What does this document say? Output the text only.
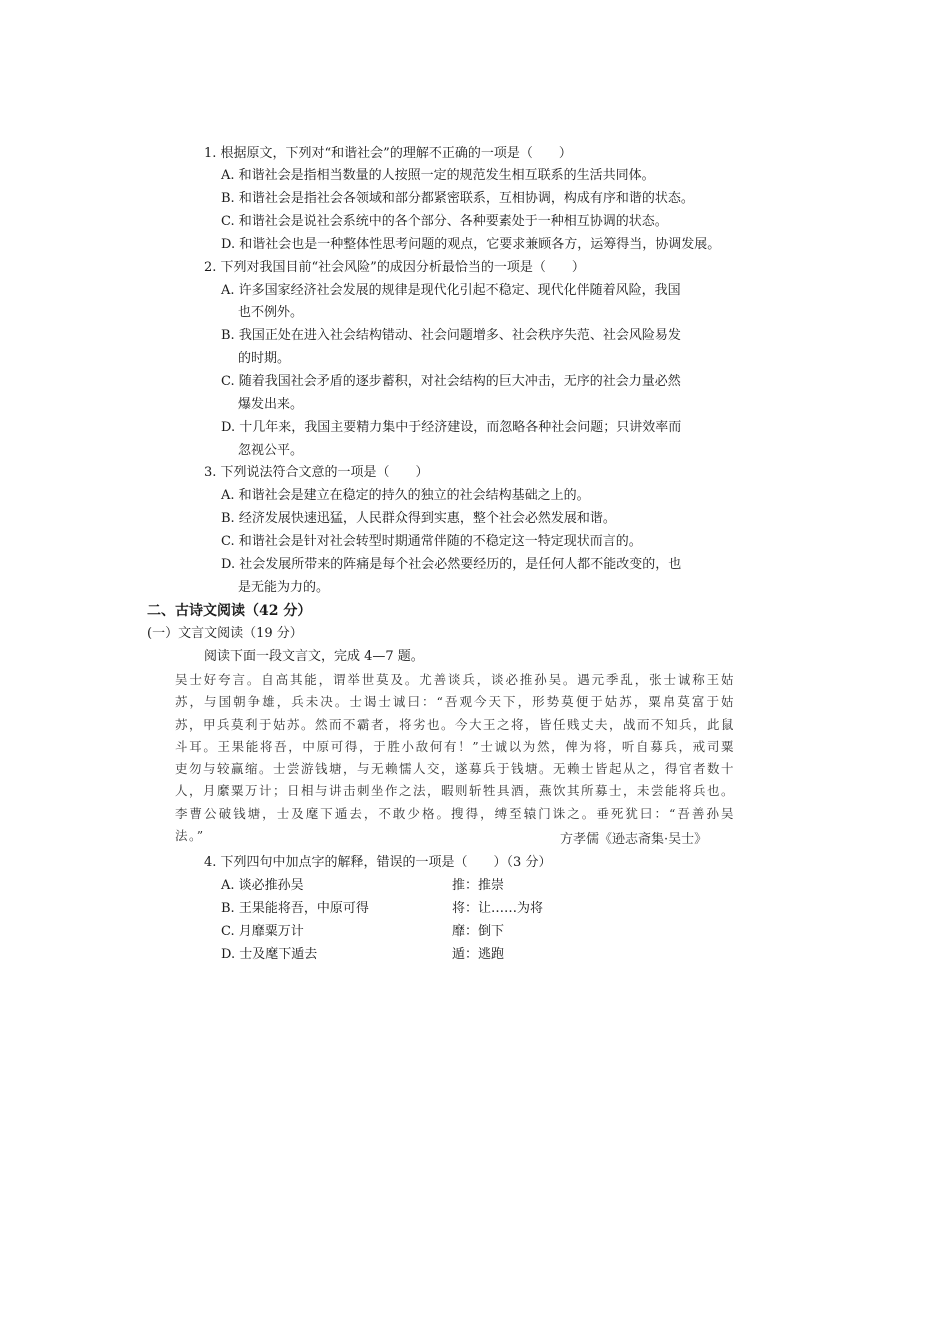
1. 根据原文，下列对“和谐社会”的理解不正确的一项是（　　）
A. 和谐社会是指相当数量的人按照一定的规范发生相互联系的生活共同体。
B. 和谐社会是指社会各领域和部分都紧密联系，互相协调，构成有序和谐的状态。
C. 和谐社会是说社会系统中的各个部分、各种要素处于一种相互协调的状态。
D. 和谐社会也是一种整体性思考问题的观点，它要求兼顾各方，运筹得当，协调发展。
2. 下列对我国目前“社会风险”的成因分析最恰当的一项是（　　）
A. 许多国家经济社会发展的规律是现代化引起不稳定、现代化伴随着风险，我国
也不例外。
B. 我国正处在进入社会结构错动、社会问题增多、社会秩序失范、社会风险易发
的时期。
C. 随着我国社会矛盾的逐步蓄积，对社会结构的巨大冲击，无序的社会力量必然
爆发出来。
D. 十几年来，我国主要精力集中于经济建设，而忽略各种社会问题；只讲效率而
忽视公平。
3. 下列说法符合文意的一项是（　　）
A. 和谐社会是建立在稳定的持久的独立的社会结构基础之上的。
B. 经济发展快速迅猛，人民群众得到实惠，整个社会必然发展和谐。
C. 和谐社会是针对社会转型时期通常伴随的不稳定这一特定现状而言的。
D. 社会发展所带来的阵痛是每个社会必然要经历的，是任何人都不能改变的，也
是无能为力的。
二、古诗文阅读（42 分）
(一）文言文阅读（19 分）
阅读下面一段文言文，完成 4—7 题。
吴士好夸言。自高其能，谓举世莫及。尤善谈兵，谈必推孙吴。遇元季乱，张士诚称王姑苏，与国朝争雄，兵未决。士谒士诚曰：“吾观今天下，形势莫便于姑苏，粟帛莫富于姑苏，甲兵莫利于姑苏。然而不霸者，将劣也。今大王之将，皆任贱丈夫，战而不知兵，此鼠斗耳。王果能将吾，中原可得，于胜小敌何有！”士诚以为然，俾为将，听自募兵，戒司粟吏勿与较赢缩。士尝游钱塘，与无赖懦人交，遂募兵于钱塘。无赖士皆起从之，得官者数十人，月縻粟万计；日相与讲击刺坐作之法，暇则斩牲具酒，燕饮其所募士，未尝能将兵也。李曹公破钱塘，士及麾下遁去，不敢少格。搜得，缚至辕门诛之。垂死犹曰：“吾善孙吴法。”	方孝儒《逊志斋集·吴士》
4. 下列四句中加点字的解释，错误的一项是（　　）（3 分）
A. 谈必推孙吴	推：推崇
B. 王果能将吾，中原可得	将：让……为将
C. 月靡粟万计	靡：倒下
D. 士及麾下遁去	遁：逃跑
